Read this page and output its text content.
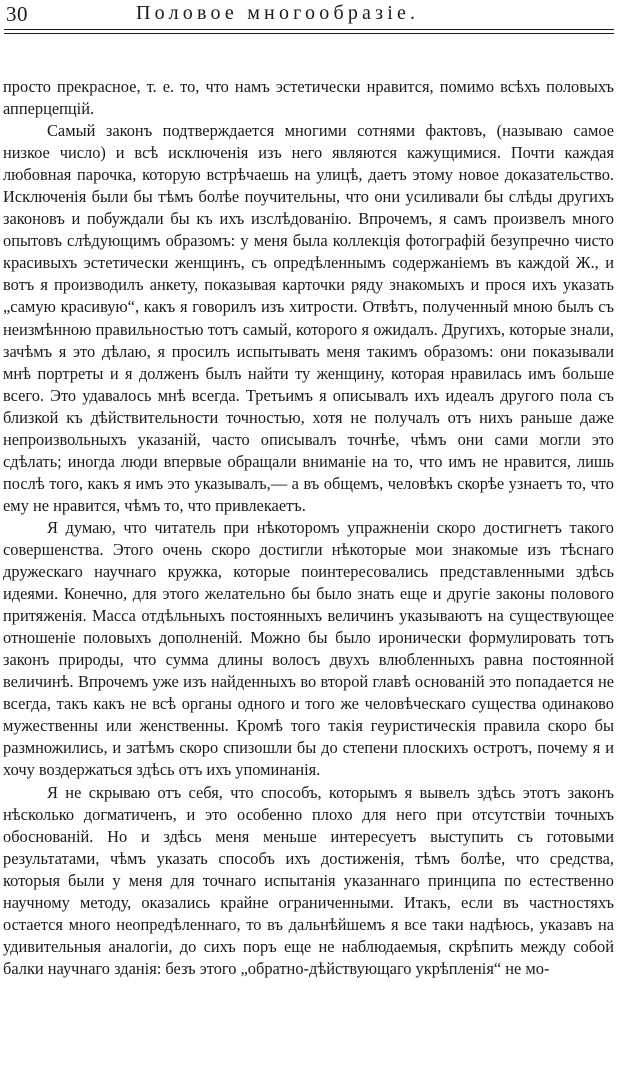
30	Половое многообразіе.

просто прекрасное, т. е. то, что намъ эстетически нравится, помимо всѣхъ половыхъ апперцепцій.

Самый законъ подтверждается многими сотнями фактовъ, (называю самое низкое число) и всѣ исключенія изъ него являются кажущимися. Почти каждая любовная парочка, которую встрѣчаешь на улицѣ, даетъ этому новое доказательство. Исключенія были бы тѣмъ болѣе поучительны, что они усиливали бы слѣды другихъ законовъ и побуждали бы къ ихъ изслѣдованію. Впрочемъ, я самъ произвелъ много опытовъ слѣдующимъ образомъ: у меня была коллекція фотографій безупречно чисто красивыхъ эстетически женщинъ, съ опредѣленнымъ содержаніемъ въ каждой Ж., и вотъ я производилъ анкету, показывая карточки ряду знакомыхъ и прося ихъ указать „самую красивую“, какъ я говорилъ изъ хитрости. Отвѣтъ, полученный мною былъ съ неизмѣнною правильностью тотъ самый, которого я ожидалъ. Другихъ, которые знали, зачѣмъ я это дѣлаю, я просилъ испытывать меня такимъ образомъ: они показывали мнѣ портреты и я долженъ былъ найти ту женщину, которая нравилась имъ больше всего. Это удавалось мнѣ всегда. Третьимъ я описывалъ ихъ идеалъ другого пола съ близкой къ дѣйствительности точностью, хотя не получалъ отъ нихъ раньше даже непроизвольныхъ указаній, часто описывалъ точнѣе, чѣмъ они сами могли это сдѣлать; иногда люди впервые обращали вниманіе на то, что имъ не нравится, лишь послѣ того, какъ я имъ это указывалъ,— а въ общемъ, человѣкъ скорѣе узнаетъ то, что ему не нравится, чѣмъ то, что привлекаетъ.

Я думаю, что читатель при нѣкоторомъ упражненіи скоро достигнетъ такого совершенства. Этого очень скоро достигли нѣкоторые мои знакомые изъ тѣснаго дружескаго научнаго кружка, которые поинтересовались представленными здѣсь идеями. Конечно, для этого желательно бы было знать еще и другіе законы полового притяженія. Масса отдѣльныхъ постоянныхъ величинъ указываютъ на существующее отношеніе половыхъ дополненій. Можно бы было иронически формулировать тотъ законъ природы, что сумма длины волосъ двухъ влюбленныхъ равна постоянной величинѣ. Впрочемъ уже изъ найденныхъ во второй главѣ основаній это попадается не всегда, такъ какъ не всѣ органы одного и того же человѣческаго существа одинаково мужественны или женственны. Кромѣ того такія геуристическія правила скоро бы размножились, и затѣмъ скоро спизошли бы до степени плоскихъ остротъ, почему я и хочу воздержаться здѣсь отъ ихъ упоминанія.

Я не скрываю отъ себя, что способъ, которымъ я вывелъ здѣсь этотъ законъ нѣсколько догматиченъ, и это особенно плохо для него при отсутствіи точныхъ обоснованій. Но и здѣсь меня меньше интересуетъ выступить съ готовыми результатами, чѣмъ указать способъ ихъ достиженія, тѣмъ болѣе, что средства, которыя были у меня для точнаго испытанія указаннаго принципа по естественно научному методу, оказались крайне ограниченными. Итакъ, если въ частностяхъ остается много неопредѣленнаго, то въ дальнѣйшемъ я все таки надѣюсь, указавъ на удивительныя аналогіи, до сихъ поръ еще не наблюдаемыя, скрѣпить между собой балки научнаго зданія: безъ этого „обратно-дѣйствующаго укрѣпленія“ не мо-
